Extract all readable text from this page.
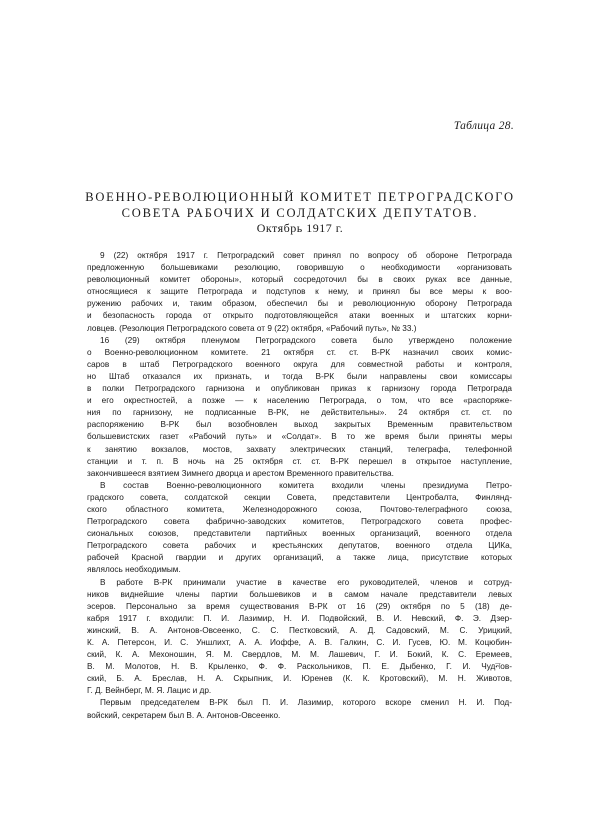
Таблица 28.
ВОЕННО-РЕВОЛЮЦИОННЫЙ КОМИТЕТ ПЕТРОГРАДСКОГО
СОВЕТА РАБОЧИХ И СОЛДАТСКИХ ДЕПУТАТОВ.
Октябрь 1917 г.
9 (22) октября 1917 г. Петроградский совет принял по вопросу об обороне Петрограда
предложенную большевиками резолюцию, говорившую о необходимости «организовать
революционный комитет обороны», который сосредоточил бы в своих руках все данные,
относящиеся к защите Петрограда и подступов к нему, и принял бы все меры к воо-
ружению рабочих и, таким образом, обеспечил бы и революционную оборону Петрограда
и безопасность города от открыто подготовляющейся атаки военных и штатских корни-
ловцев. (Резолюция Петроградского совета от 9 (22) октября, «Рабочий путь», № 33.)
16 (29) октября пленумом Петроградского совета было утверждено положение
о Военно-революционном комитете. 21 октября ст. ст. В-РК назначил своих комис-
саров в штаб Петроградского военного округа для совместной работы и контроля,
но Штаб отказался их признать, и тогда В-РК были направлены свои комиссары
в полки Петроградского гарнизона и опубликован приказ к гарнизону города Петрограда
и его окрестностей, а позже — к населению Петрограда, о том, что все «распоряже-
ния по гарнизону, не подписанные В-РК, не действительны». 24 октября ст. ст. по
распоряжению В-РК был возобновлен выход закрытых Временным правительством
большевистских газет «Рабочий путь» и «Солдат». В то же время были приняты меры
к занятию вокзалов, мостов, захвату электрических станций, телеграфа, телефонной
станции и т. п. В ночь на 25 октября ст. ст. В-РК перешел в открытое наступление,
закончившееся взятием Зимнего дворца и арестом Временного правительства.
В состав Военно-революционного комитета входили члены президиума Петро-
градского совета, солдатской секции Совета, представители Центробалта, Финлянд-
ского областного комитета, Железнодорожного союза, Почтово-телеграфного союза,
Петроградского совета фабрично-заводских комитетов, Петроградского совета профес-
сиональных союзов, представители партийных военных организаций, военного отдела
Петроградского совета рабочих и крестьянских депутатов, военного отдела ЦИКа,
рабочей Красной гвардии и других организаций, а также лица, присутствие которых
являлось необходимым.
В работе В-РК принимали участие в качестве его руководителей, членов и сотруд-
ников виднейшие члены партии большевиков и в самом начале представители левых
эсеров. Персонально за время существования В-РК от 16 (29) октября по 5 (18) де-
кабря 1917 г. входили: П. И. Лазимир, Н. И. Подвойский, В. И. Невский, Ф. Э. Дзер-
жинский, В. А. Антонов-Овсеенко, С. С. Пестковский, А. Д. Садовский, М. С. Урицкий,
К. А. Петерсон, И. С. Уншлихт, А. А. Иоффе, А. В. Галкин, С. И. Гусев, Ю. М. Коцюбин-
ский, К. А. Мехоношин, Я. М. Свердлов, М. М. Лашевич, Г. И. Бокий, К. С. Еремеев,
В. М. Молотов, Н. В. Крыленко, Ф. Ф. Раскольников, П. Е. Дыбенко, Г. И. Чудনов-
ский, Б. А. Бреслав, Н. А. Скрыпник, И. Юренев (К. К. Кротовский), М. Н. Животов,
Г. Д. Вейнберг, М. Я. Лацис и др.
Первым председателем В-РК был П. И. Лазимир, которого вскоре сменил Н. И. Под-
войский, секретарем был В. А. Антонов-Овсеенко.
